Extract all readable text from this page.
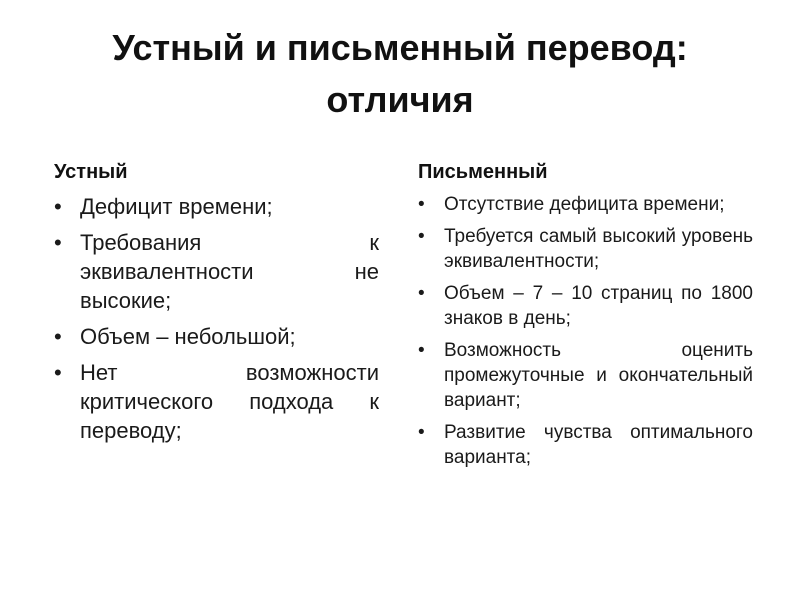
Устный и письменный перевод:
отличия
Устный
• Дефицит времени;
• Требования к эквивалентности не высокие;
• Объем – небольшой;
• Нет возможности критического подхода к переводу;
Письменный
• Отсутствие дефицита времени;
• Требуется самый высокий уровень эквивалентности;
• Объем – 7 – 10 страниц по 1800 знаков в день;
• Возможность оценить промежуточные и окончательный вариант;
• Развитие чувства оптимального варианта;
